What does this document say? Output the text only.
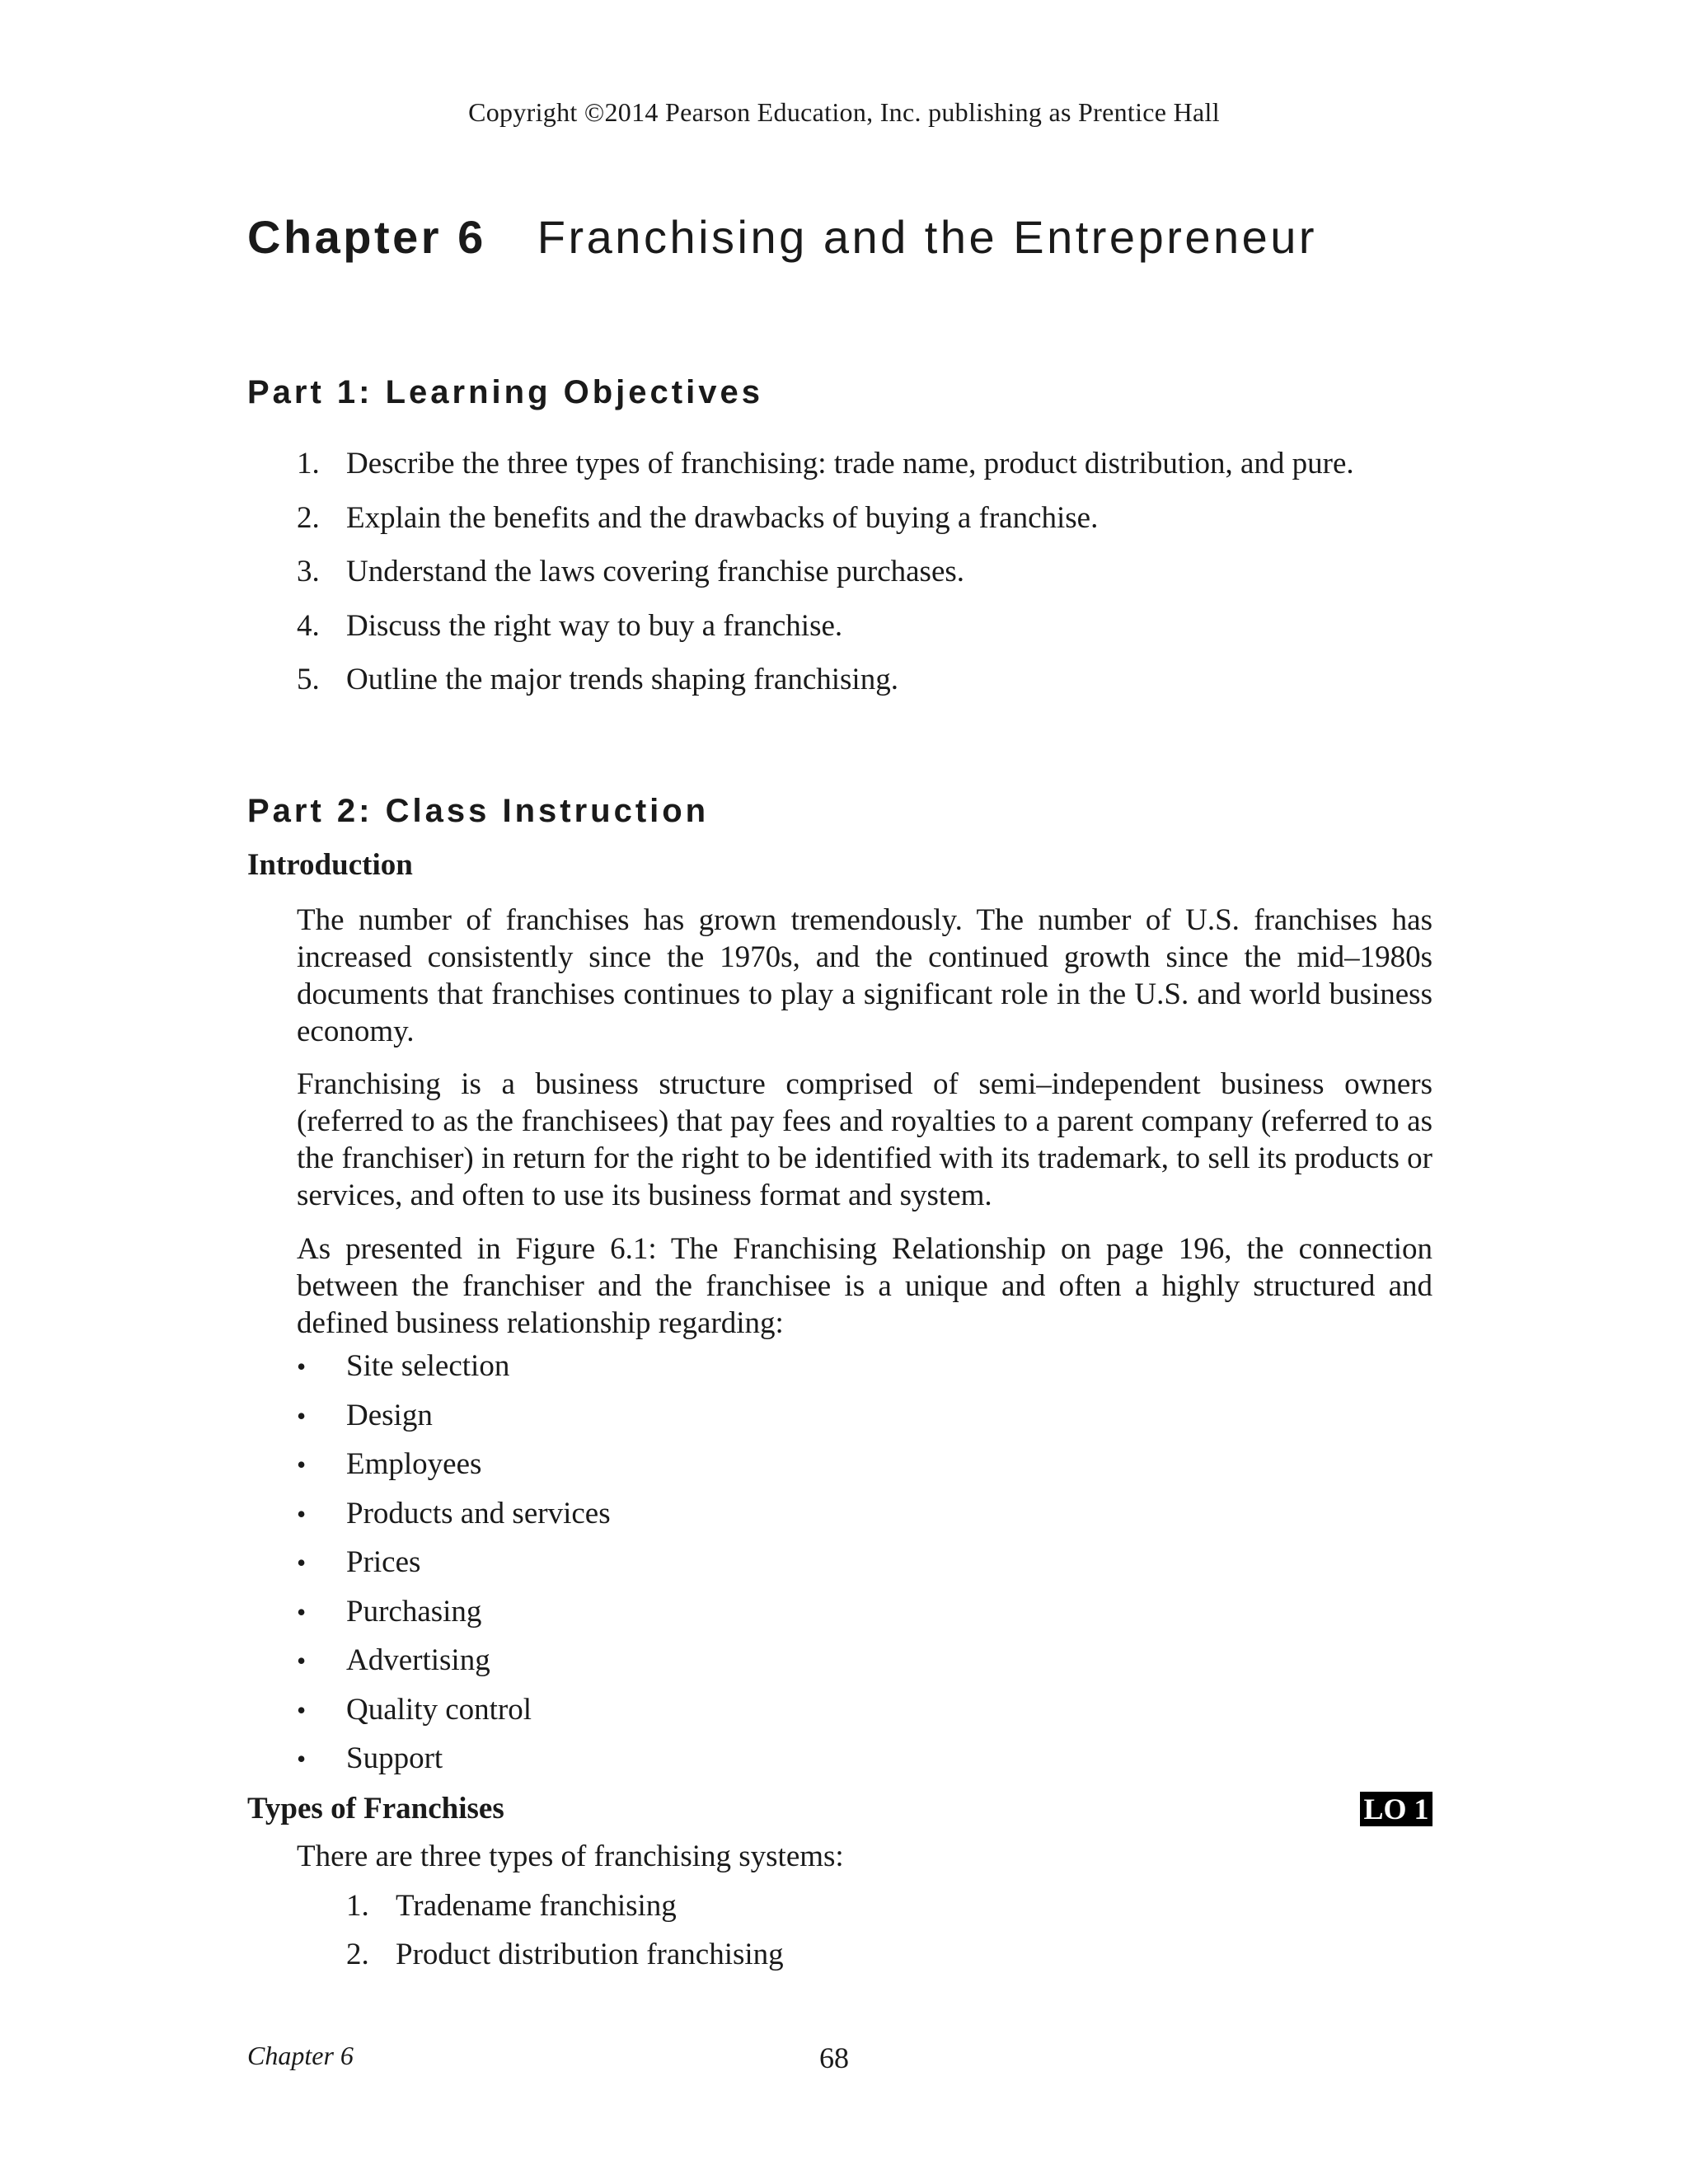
Copyright ©2014 Pearson Education, Inc. publishing as Prentice Hall
Chapter 6 Franchising and the Entrepreneur
Part 1: Learning Objectives
1. Describe the three types of franchising: trade name, product distribution, and pure.
2. Explain the benefits and the drawbacks of buying a franchise.
3. Understand the laws covering franchise purchases.
4. Discuss the right way to buy a franchise.
5. Outline the major trends shaping franchising.
Part 2: Class Instruction
Introduction

The number of franchises has grown tremendously. The number of U.S. franchises has increased consistently since the 1970s, and the continued growth since the mid–1980s documents that franchises continues to play a significant role in the U.S. and world business economy.

Franchising is a business structure comprised of semi–independent business owners (referred to as the franchisees) that pay fees and royalties to a parent company (referred to as the franchiser) in return for the right to be identified with its trademark, to sell its products or services, and often to use its business format and system.

As presented in Figure 6.1: The Franchising Relationship on page 196, the connection between the franchiser and the franchisee is a unique and often a highly structured and defined business relationship regarding:

• Site selection
• Design
• Employees
• Products and services
• Prices
• Purchasing
• Advertising
• Quality control
• Support
Types of Franchises	LO 1
There are three types of franchising systems:
1. Tradename franchising
2. Product distribution franchising
Chapter 6	68
